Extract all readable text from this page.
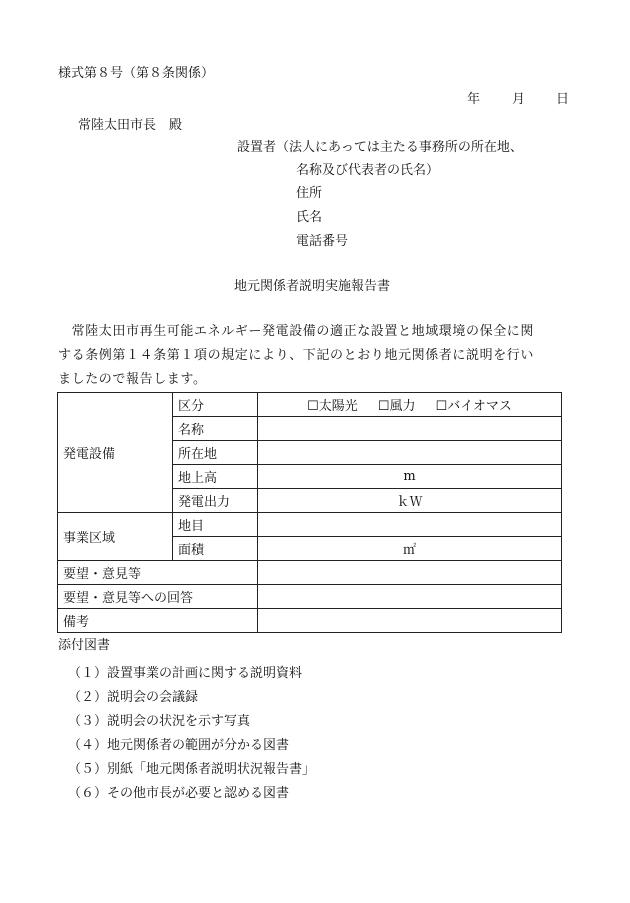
様式第８号（第８条関係）
年 月 日
常陸太田市長　殿
設置者（法人にあっては主たる事務所の所在地、
名称及び代表者の氏名）
住所
氏名
電話番号
地元関係者説明実施報告書

　常陸太田市再生可能エネルギー発電設備の適正な設置と地域環境の保全に関

する条例第１４条第１項の規定により、下記のとおり地元関係者に説明を行い

ましたので報告します。

発電設備	区分	☐太陽光 ☐風力 ☐バイオマス
	名称	
	所在地	
	地上高	m
	発電出力	ｋＷ
事業区域	地目	
	面積	㎡
要望・意見等		
要望・意見等への回答		
備考		
添付図書
（１）設置事業の計画に関する説明資料
（２）説明会の会議録
（３）説明会の状況を示す写真
（４）地元関係者の範囲が分かる図書
（５）別紙「地元関係者説明状況報告書」
（６）その他市長が必要と認める図書
